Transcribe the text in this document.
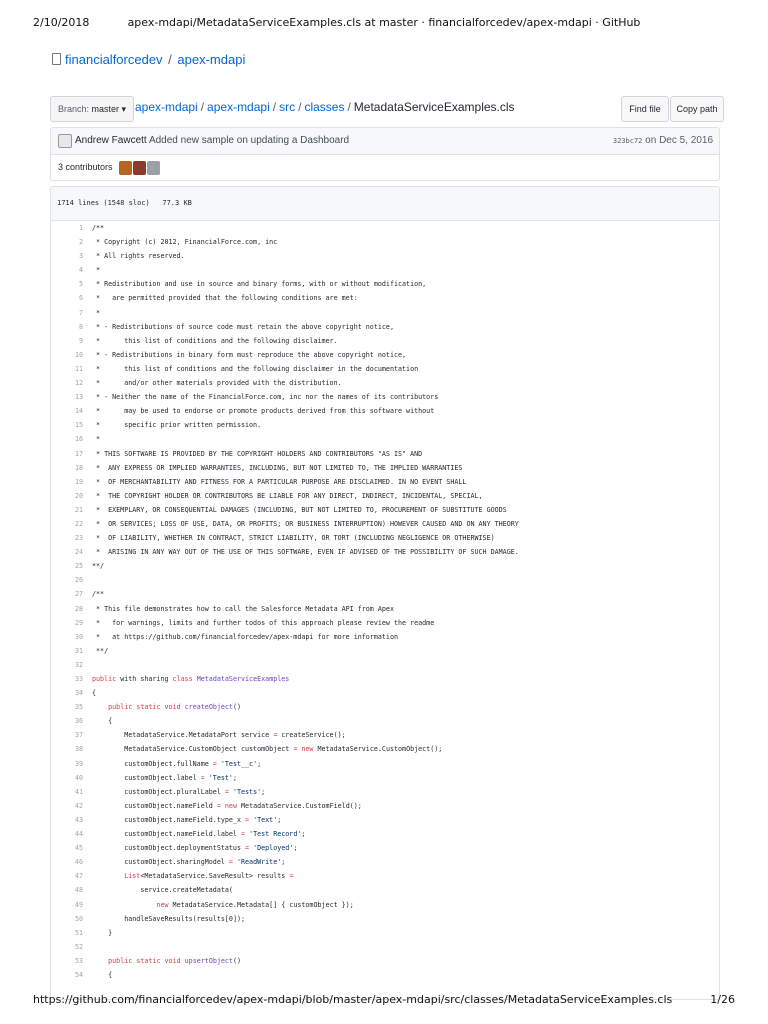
2/10/2018	apex-mdapi/MetadataServiceExamples.cls at master · financialforcedev/apex-mdapi · GitHub
financialforcedev / apex-mdapi
Branch: master ▾ apex-mdapi / apex-mdapi / src / classes / MetadataServiceExamples.cls	Find file	Copy path
Andrew Fawcett Added new sample on updating a Dashboard	323bc72 on Dec 5, 2016
3 contributors
1714 lines (1548 sloc) 77.3 KB
1	/**
2	* Copyright (c) 2012, FinancialForce.com, inc
3	* All rights reserved.
4	*
5	* Redistribution and use in source and binary forms, with or without modification,
6	*   are permitted provided that the following conditions are met:
7	*
8	* - Redistributions of source code must retain the above copyright notice,
9	*      this list of conditions and the following disclaimer.
10	* - Redistributions in binary form must reproduce the above copyright notice,
11	*      this list of conditions and the following disclaimer in the documentation
12	*      and/or other materials provided with the distribution.
13	* - Neither the name of the FinancialForce.com, inc nor the names of its contributors
14	*      may be used to endorse or promote products derived from this software without
15	*      specific prior written permission.
16	*
17	* THIS SOFTWARE IS PROVIDED BY THE COPYRIGHT HOLDERS AND CONTRIBUTORS "AS IS" AND
18	*  ANY EXPRESS OR IMPLIED WARRANTIES, INCLUDING, BUT NOT LIMITED TO, THE IMPLIED WARRANTIES
19	*  OF MERCHANTABILITY AND FITNESS FOR A PARTICULAR PURPOSE ARE DISCLAIMED. IN NO EVENT SHALL
20	*  THE COPYRIGHT HOLDER OR CONTRIBUTORS BE LIABLE FOR ANY DIRECT, INDIRECT, INCIDENTAL, SPECIAL,
21	*  EXEMPLARY, OR CONSEQUENTIAL DAMAGES (INCLUDING, BUT NOT LIMITED TO, PROCUREMENT OF SUBSTITUTE GOODS
22	*  OR SERVICES; LOSS OF USE, DATA, OR PROFITS; OR BUSINESS INTERRUPTION) HOWEVER CAUSED AND ON ANY THEORY
23	*  OF LIABILITY, WHETHER IN CONTRACT, STRICT LIABILITY, OR TORT (INCLUDING NEGLIGENCE OR OTHERWISE)
24	*  ARISING IN ANY WAY OUT OF THE USE OF THIS SOFTWARE, EVEN IF ADVISED OF THE POSSIBILITY OF SUCH DAMAGE.
25	**/
26
27	/**
28	* This file demonstrates how to call the Salesforce Metadata API from Apex
29	*   for warnings, limits and further todos of this approach please review the readme
30	*   at https://github.com/financialforcedev/apex-mdapi for more information
31	**/
32
33	public with sharing class MetadataServiceExamples
34	{
35	public static void createObject()
36	{
37	MetadataService.MetadataPort service = createService();
38	MetadataService.CustomObject customObject = new MetadataService.CustomObject();
39	customObject.fullName = 'Test__c';
40	customObject.label = 'Test';
41	customObject.pluralLabel = 'Tests';
42	customObject.nameField = new MetadataService.CustomField();
43	customObject.nameField.type_x = 'Text';
44	customObject.nameField.label = 'Test Record';
45	customObject.deploymentStatus = 'Deployed';
46	customObject.sharingModel = 'ReadWrite';
47	List<MetadataService.SaveResult> results =
48	service.createMetadata(
49	new MetadataService.Metadata[] { customObject });
50	handleSaveResults(results[0]);
51	}
52
53	public static void upsertObject()
54	{
https://github.com/financialforcedev/apex-mdapi/blob/master/apex-mdapi/src/classes/MetadataServiceExamples.cls	1/26
